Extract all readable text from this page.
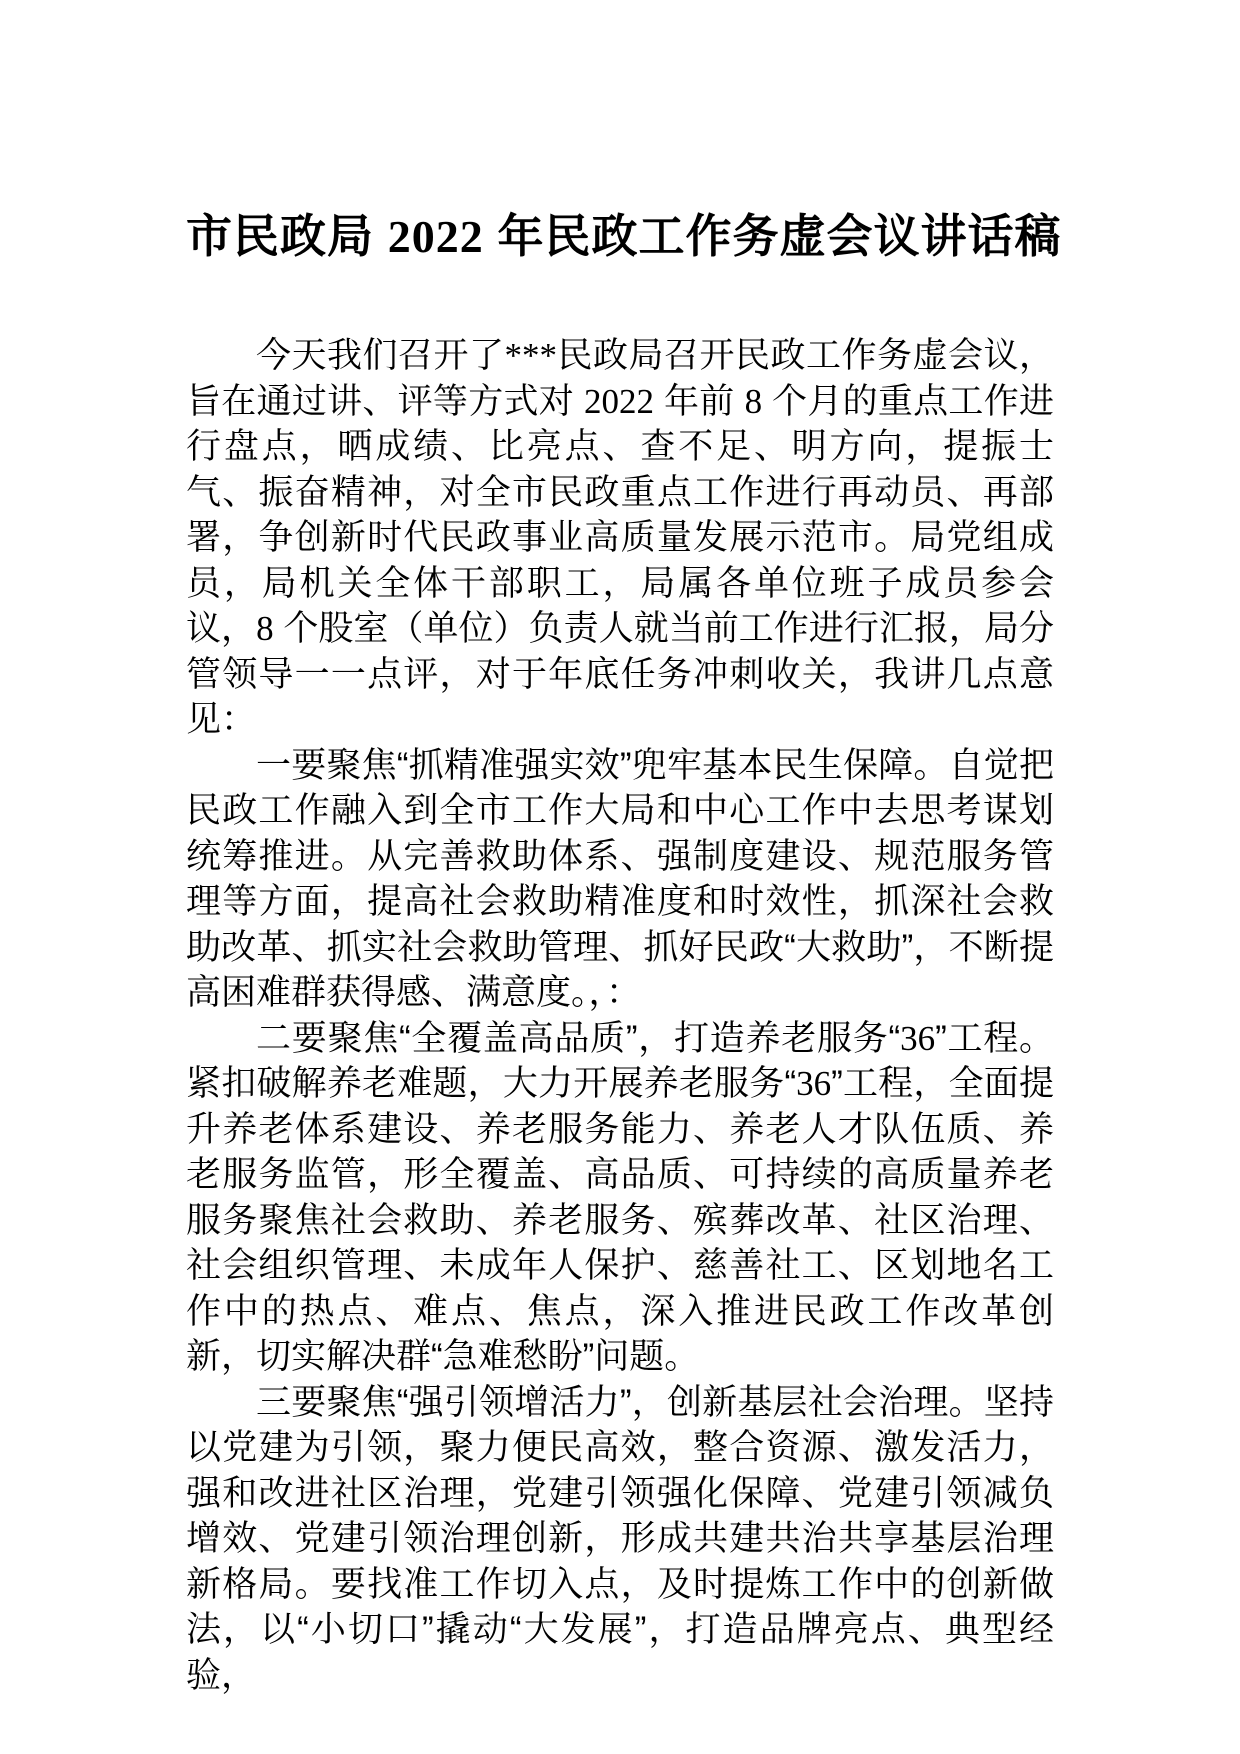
市民政局 2022 年民政工作务虚会议讲话稿

今天我们召开了***民政局召开民政工作务虚会议，旨在通过讲、评等方式对 2022 年前 8 个月的重点工作进行盘点，晒成绩、比亮点、查不足、明方向，提振士气、振奋精神，对全市民政重点工作进行再动员、再部署，争创新时代民政事业高质量发展示范市。局党组成员，局机关全体干部职工，局属各单位班子成员参会议，8 个股室（单位）负责人就当前工作进行汇报，局分管领导一一点评，对于年底任务冲刺收关，我讲几点意见：

一要聚焦“抓精准强实效”兜牢基本民生保障。自觉把民政工作融入到全市工作大局和中心工作中去思考谋划统筹推进。从完善救助体系、强制度建设、规范服务管理等方面，提高社会救助精准度和时效性，抓深社会救助改革、抓实社会救助管理、抓好民政“大救助”，不断提高困难群获得感、满意度。，：

二要聚焦“全覆盖高品质”，打造养老服务“36”工程。紧扣破解养老难题，大力开展养老服务“36”工程，全面提升养老体系建设、养老服务能力、养老人才队伍质、养老服务监管，形全覆盖、高品质、可持续的高质量养老服务聚焦社会救助、养老服务、殡葬改革、社区治理、社会组织管理、未成年人保护、慈善社工、区划地名工作中的热点、难点、焦点，深入推进民政工作改革创新，切实解决群“急难愁盼”问题。

三要聚焦“强引领增活力”，创新基层社会治理。坚持以党建为引领，聚力便民高效，整合资源、激发活力，强和改进社区治理，党建引领强化保障、党建引领减负增效、党建引领治理创新，形成共建共治共享基层治理新格局。要找准工作切入点，及时提炼工作中的创新做法，以“小切口”撬动“大发展”，打造品牌亮点、典型经验，
